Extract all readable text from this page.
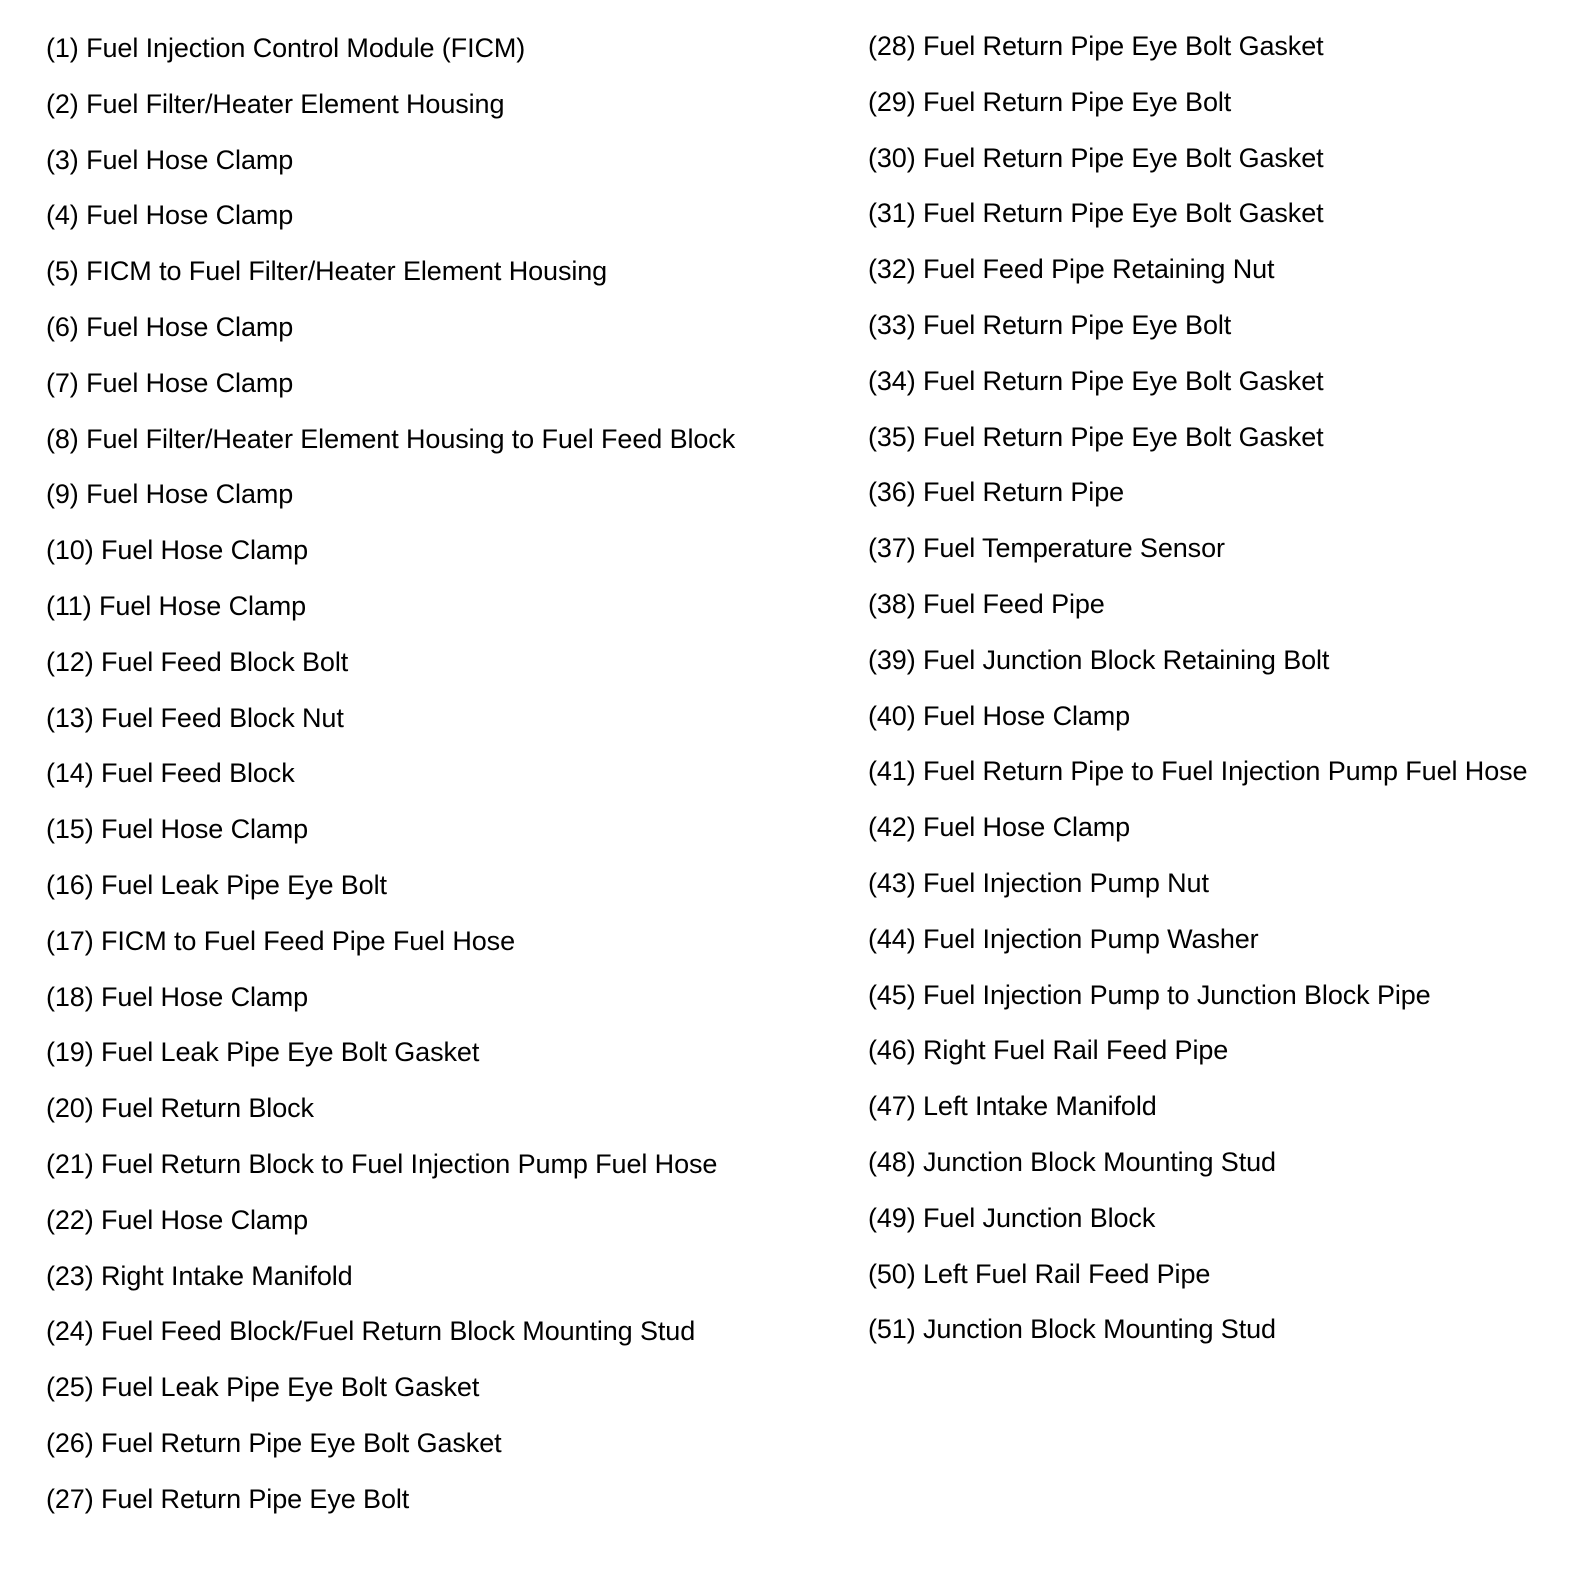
(1) Fuel Injection Control Module (FICM)
(2) Fuel Filter/Heater Element Housing
(3) Fuel Hose Clamp
(4) Fuel Hose Clamp
(5) FICM to Fuel Filter/Heater Element Housing
(6) Fuel Hose Clamp
(7) Fuel Hose Clamp
(8) Fuel Filter/Heater Element Housing to Fuel Feed Block
(9) Fuel Hose Clamp
(10) Fuel Hose Clamp
(11) Fuel Hose Clamp
(12) Fuel Feed Block Bolt
(13) Fuel Feed Block Nut
(14) Fuel Feed Block
(15) Fuel Hose Clamp
(16) Fuel Leak Pipe Eye Bolt
(17) FICM to Fuel Feed Pipe Fuel Hose
(18) Fuel Hose Clamp
(19) Fuel Leak Pipe Eye Bolt Gasket
(20) Fuel Return Block
(21) Fuel Return Block to Fuel Injection Pump Fuel Hose
(22) Fuel Hose Clamp
(23) Right Intake Manifold
(24) Fuel Feed Block/Fuel Return Block Mounting Stud
(25) Fuel Leak Pipe Eye Bolt Gasket
(26) Fuel Return Pipe Eye Bolt Gasket
(27) Fuel Return Pipe Eye Bolt
(28) Fuel Return Pipe Eye Bolt Gasket
(29) Fuel Return Pipe Eye Bolt
(30) Fuel Return Pipe Eye Bolt Gasket
(31) Fuel Return Pipe Eye Bolt Gasket
(32) Fuel Feed Pipe Retaining Nut
(33) Fuel Return Pipe Eye Bolt
(34) Fuel Return Pipe Eye Bolt Gasket
(35) Fuel Return Pipe Eye Bolt Gasket
(36) Fuel Return Pipe
(37) Fuel Temperature Sensor
(38) Fuel Feed Pipe
(39) Fuel Junction Block Retaining Bolt
(40) Fuel Hose Clamp
(41) Fuel Return Pipe to Fuel Injection Pump Fuel Hose
(42) Fuel Hose Clamp
(43) Fuel Injection Pump Nut
(44) Fuel Injection Pump Washer
(45) Fuel Injection Pump to Junction Block Pipe
(46) Right Fuel Rail Feed Pipe
(47) Left Intake Manifold
(48) Junction Block Mounting Stud
(49) Fuel Junction Block
(50) Left Fuel Rail Feed Pipe
(51) Junction Block Mounting Stud
